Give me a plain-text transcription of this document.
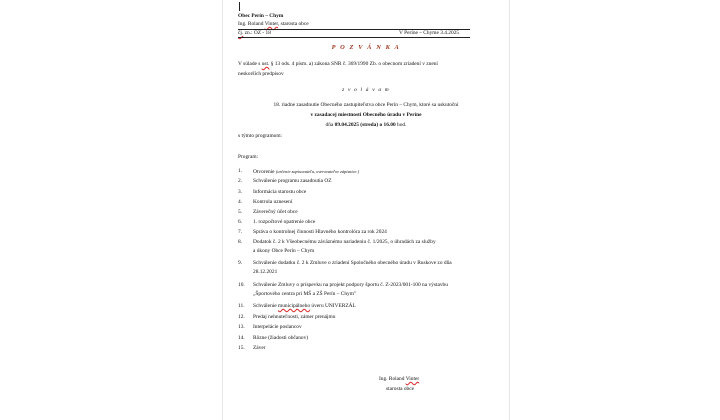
Obec Perín – Chym
Ing. Roland Vinter, starosta obce
čj. zn.: OZ - 18	V Períne – Chyme 3.4.2025
P O Z V Á N K A
V súlade s ust. § 13 ods. 4 písm. a) zákona SNR č. 369/1990 Zb. o obecnom zriadení v znení
neskorších predpisov
z v o l á v a m
18. riadne zasadnutie Obecného zastupiteľstva obce Perín – Chym, ktoré sa uskutoční
v zasadacej miestnosti Obecného úradu v Períne
dňa 09.04.2025 (streda) o 16.00 hod.
s týmto programom:
Program:
1.	Otvorenie (určenie zapisovateľa, overovateľov zápisnice.)
2.	Schválenie programu zasadnutia OZ
3.	Informácia starostu obce
4.	Kontrola uznesení
5.	Záverečný účet obce
6.	1. rozpočtové opatrenie obce
7.	Správa o kontrolnej činnosti Hlavného kontrolóra za rok 2024
8.	Dodatok č. 2 k Všeobecnému záväznému nariadeniu č. 1/2025, o úhradách za služby
a úkony Obce Perín – Chym
9.	Schválenie dodatku č. 2 k Zmluve o zriadení Spoločného obecného úradu v Ruskove zo dňa
28.12.2021
10.	Schválenie Zmluvy o príspevku na projekt podpory športu č. Z-2023/001-100 na výstavbu
„Športového centra pri MŠ a ZŠ Perín – Chym"
11.	Schválenie municipálneho úveru UNIVERZÁL
12.	Predaj nehnuteľnosti, zámer prenájmu
13.	Interpelácie poslancov
14.	Rôzne (žiadosti občanov)
15.	Záver
Ing. Roland Vinter
starosta obce
